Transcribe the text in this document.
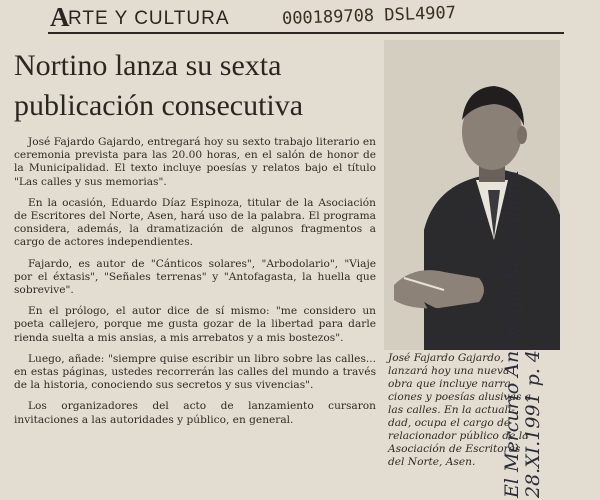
A
RTE Y CULTURA	000189708 DSL4907
Nortino lanza su sexta
publicación consecutiva

José Fajardo Gajardo, entregará hoy su sexto trabajo literario en ceremonia prevista para las 20.00 horas, en el salón de honor de la Municipalidad. El texto incluye poesías y relatos bajo el título "Las calles y sus memorias".

En la ocasión, Eduardo Díaz Espinoza, titular de la Asociación de Escritores del Norte, Asen, hará uso de la palabra. El programa considera, además, la dramatización de algunos fragmentos a cargo de actores independientes.

Fajardo, es autor de "Cánticos solares", "Arbodolario", "Viaje por el éxtasis", "Señales terrenas" y "Antofagasta, la huella que sobrevive".

En el prólogo, el autor dice de sí mismo: "me considero un poeta callejero, porque me gusta gozar de la libertad para darle rienda suelta a mis ansias, a mis arrebatos y a mis bostezos".

Luego, añade: "siempre quise escribir un libro sobre las calles... en estas páginas, ustedes recorrerán las calles del mundo a través de la historia, conociendo sus secretos y sus vivencias".

Los organizadores del acto de lanzamiento cursaron invitaciones a las autoridades y público, en general.

José Fajardo Gajardo,
lanzará hoy una nueva
obra que incluye narra-
ciones y poesías alusivas a
las calles. En la actuali-
dad, ocupa el cargo de
relacionador público de la
Asociación de Escritores
del Norte, Asen.	El Mercurio Antofagasta - Calama 28.XI.1991 p. 4.
